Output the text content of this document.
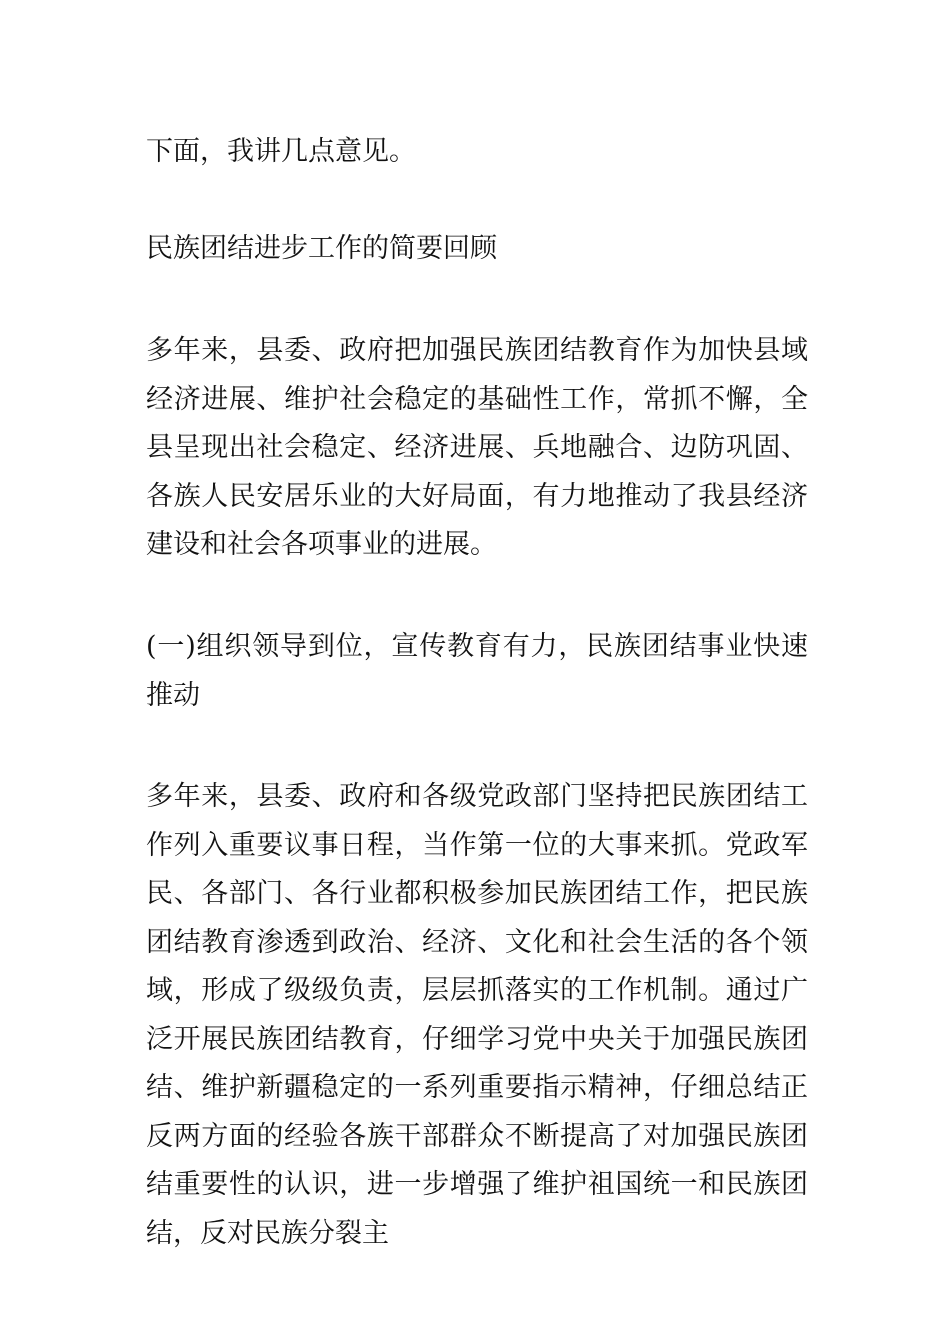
下面，我讲几点意见。

民族团结进步工作的简要回顾

多年来，县委、政府把加强民族团结教育作为加快县域经济进展、维护社会稳定的基础性工作，常抓不懈，全县呈现出社会稳定、经济进展、兵地融合、边防巩固、各族人民安居乐业的大好局面，有力地推动了我县经济建设和社会各项事业的进展。

(一)组织领导到位，宣传教育有力，民族团结事业快速推动

多年来，县委、政府和各级党政部门坚持把民族团结工作列入重要议事日程，当作第一位的大事来抓。党政军民、各部门、各行业都积极参加民族团结工作，把民族团结教育渗透到政治、经济、文化和社会生活的各个领域，形成了级级负责，层层抓落实的工作机制。通过广泛开展民族团结教育，仔细学习党中央关于加强民族团结、维护新疆稳定的一系列重要指示精神，仔细总结正反两方面的经验各族干部群众不断提高了对加强民族团结重要性的认识，进一步增强了维护祖国统一和民族团结，反对民族分裂主
